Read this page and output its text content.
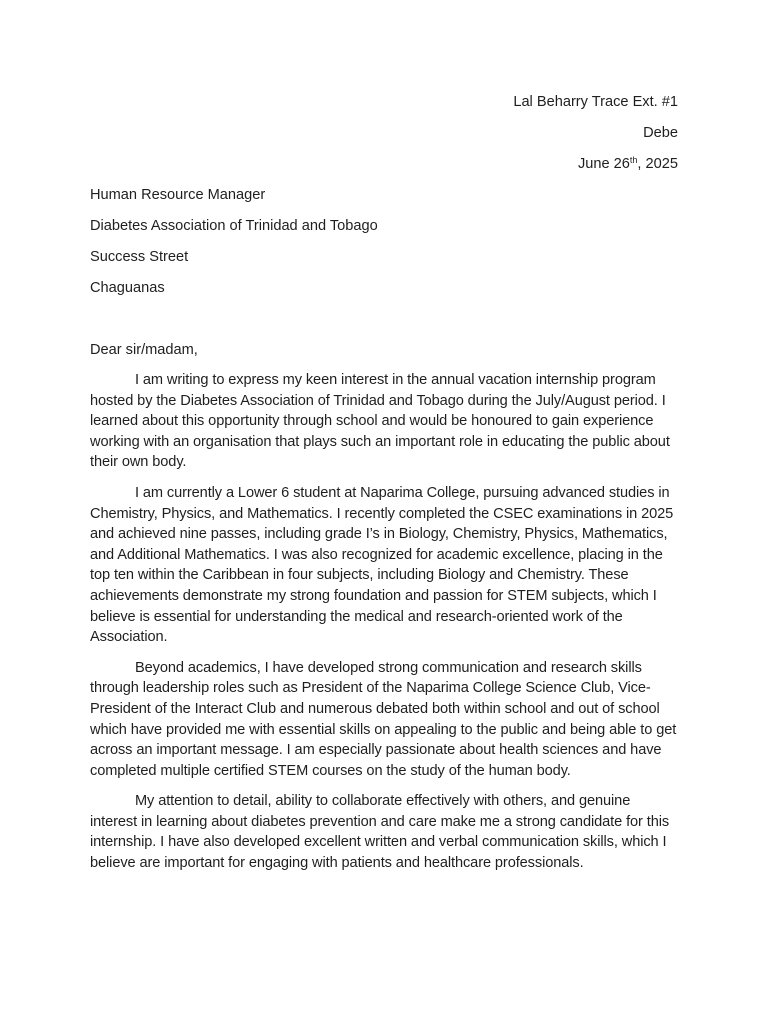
Lal Beharry Trace Ext. #1
Debe
June 26th, 2025
Human Resource Manager
Diabetes Association of Trinidad and Tobago
Success Street
Chaguanas
Dear sir/madam,

I am writing to express my keen interest in the annual vacation internship program hosted by the Diabetes Association of Trinidad and Tobago during the July/August period. I learned about this opportunity through school and would be honoured to gain experience working with an organisation that plays such an important role in educating the public about their own body.

I am currently a Lower 6 student at Naparima College, pursuing advanced studies in Chemistry, Physics, and Mathematics. I recently completed the CSEC examinations in 2025 and achieved nine passes, including grade I’s in Biology, Chemistry, Physics, Mathematics, and Additional Mathematics. I was also recognized for academic excellence, placing in the top ten within the Caribbean in four subjects, including Biology and Chemistry. These achievements demonstrate my strong foundation and passion for STEM subjects, which I believe is essential for understanding the medical and research-oriented work of the Association.

Beyond academics, I have developed strong communication and research skills through leadership roles such as President of the Naparima College Science Club, Vice-President of the Interact Club and numerous debated both within school and out of school which have provided me with essential skills on appealing to the public and being able to get across an important message. I am especially passionate about health sciences and have completed multiple certified STEM courses on the study of the human body.

My attention to detail, ability to collaborate effectively with others, and genuine interest in learning about diabetes prevention and care make me a strong candidate for this internship. I have also developed excellent written and verbal communication skills, which I believe are important for engaging with patients and healthcare professionals.
